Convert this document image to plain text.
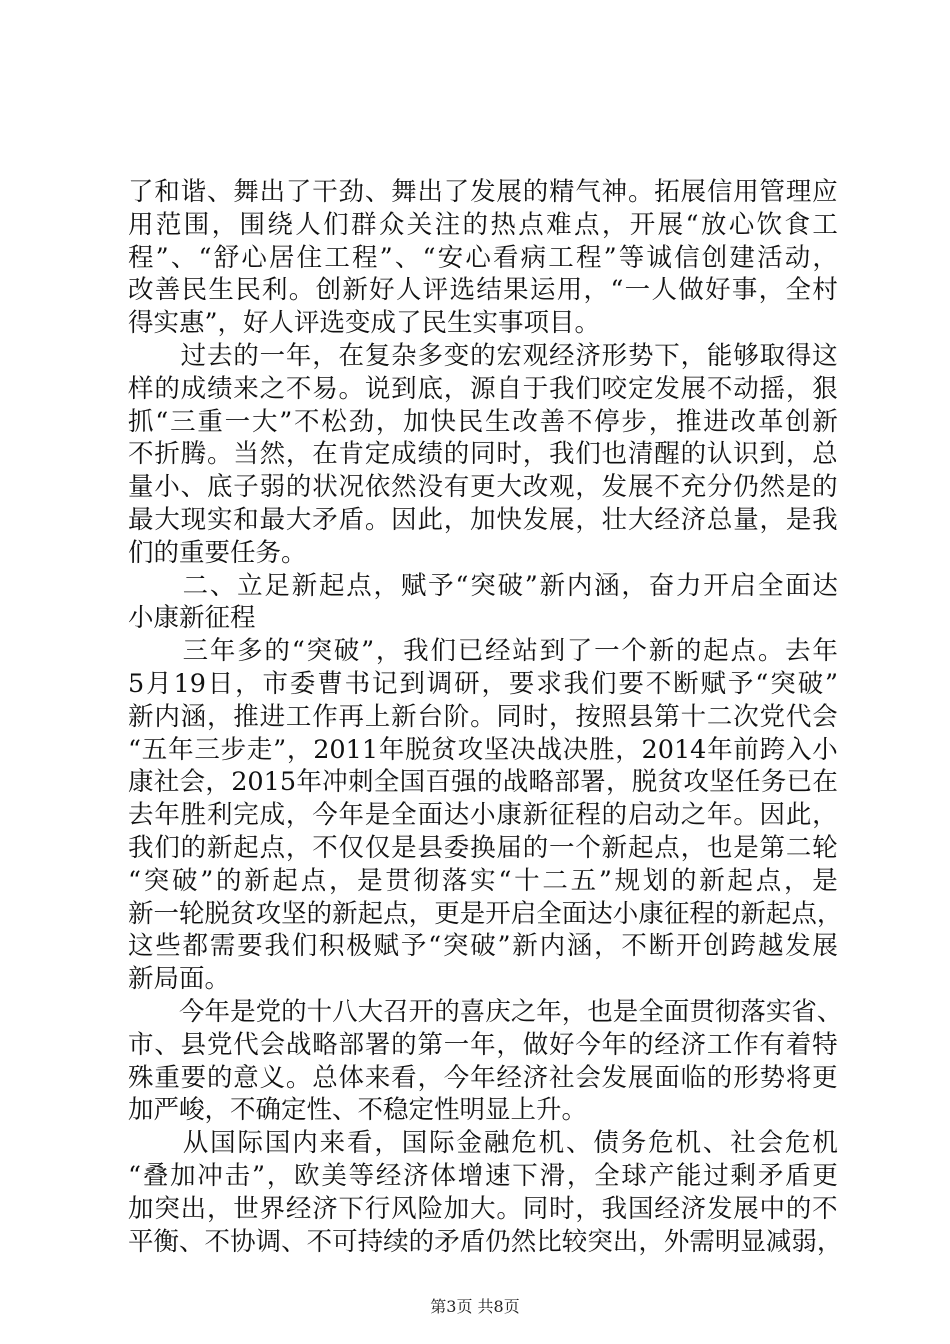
了 和 谐 、 舞 出 了 干 劲 、 舞 出 了 发 展 的 精 气 神 。 拓 展 信 用 管 理 应
用 范 围 ， 围 绕 人 们 群 众 关 注 的 热 点 难 点 ， 开 展 “ 放 心 饮 食 工
程 ” 、 “ 舒 心 居 住 工 程 ” 、 “ 安 心 看 病 工 程 ” 等 诚 信 创 建 活 动 ，
改 善 民 生 民 利 。 创 新 好 人 评 选 结 果 运 用 ， “ 一 人 做 好 事 ， 全 村
得实惠”，好人评选变成了民生实事项目。

过 去 的 一 年 ， 在 复 杂 多 变 的 宏 观 经 济 形 势 下 ， 能 够 取 得 这
样 的 成 绩 来 之 不 易 。 说 到 底 ， 源 自 于 我 们 咬 定 发 展 不 动 摇 ， 狠
抓 “ 三 重 一 大 ” 不 松 劲 ， 加 快 民 生 改 善 不 停 步 ， 推 进 改 革 创 新
不 折 腾 。 当 然 ， 在 肯 定 成 绩 的 同 时 ， 我 们 也 清 醒 的 认 识 到 ， 总
量 小 、 底 子 弱 的 状 况 依 然 没 有 更 大 改 观 ， 发 展 不 充 分 仍 然 是 的
最 大 现 实 和 最 大 矛 盾 。 因 此 ， 加 快 发 展 ， 壮 大 经 济 总 量 ， 是 我
们的重要任务。

二 、 立 足 新 起 点 ， 赋 予 “ 突 破 ” 新 内 涵 ， 奋 力 开 启 全 面 达
小康新征程

三 年 多 的 “ 突 破 ” ， 我 们 已 经 站 到 了 一 个 新 的 起 点 。 去 年
5 月 19 日 ， 市 委 曹 书 记 到 调 研 ， 要 求 我 们 要 不 断 赋 予 “ 突 破 ”
新 内 涵 ， 推 进 工 作 再 上 新 台 阶 。 同 时 ， 按 照 县 第 十 二 次 党 代 会
“ 五 年 三 步 走 ” ， 2011 年 脱 贫 攻 坚 决 战 决 胜 ， 2014 年 前 跨 入 小
康 社 会 ， 2015 年 冲 刺 全 国 百 强 的 战 略 部 署 ， 脱 贫 攻 坚 任 务 已 在
去 年 胜 利 完 成 ， 今 年 是 全 面 达 小 康 新 征 程 的 启 动 之 年 。 因 此 ，
我 们 的 新 起 点 ， 不 仅 仅 是 县 委 换 届 的 一 个 新 起 点 ， 也 是 第 二 轮
“ 突 破 ” 的 新 起 点 ， 是 贯 彻 落 实 “ 十 二 五 ” 规 划 的 新 起 点 ， 是
新 一 轮 脱 贫 攻 坚 的 新 起 点 ， 更 是 开 启 全 面 达 小 康 征 程 的 新 起 点 ，
这 些 都 需 要 我 们 积 极 赋 予 “ 突 破 ” 新 内 涵 ， 不 断 开 创 跨 越 发 展
新局面。

今 年 是 党 的 十 八 大 召 开 的 喜 庆 之 年 ， 也 是 全 面 贯 彻 落 实 省 、
市 、 县 党 代 会 战 略 部 署 的 第 一 年 ， 做 好 今 年 的 经 济 工 作 有 着 特
殊 重 要 的 意 义 。 总 体 来 看 ， 今 年 经 济 社 会 发 展 面 临 的 形 势 将 更
加严峻，不确定性、不稳定性明显上升。

从 国 际 国 内 来 看 ， 国 际 金 融 危 机 、 债 务 危 机 、 社 会 危 机
“ 叠 加 冲 击 ” ， 欧 美 等 经 济 体 增 速 下 滑 ， 全 球 产 能 过 剩 矛 盾 更
加 突 出 ， 世 界 经 济 下 行 风 险 加 大 。 同 时 ， 我 国 经 济 发 展 中 的 不
平 衡 、 不 协 调 、 不 可 持 续 的 矛 盾 仍 然 比 较 突 出 ， 外 需 明 显 减 弱 ，
第3页 共8页
